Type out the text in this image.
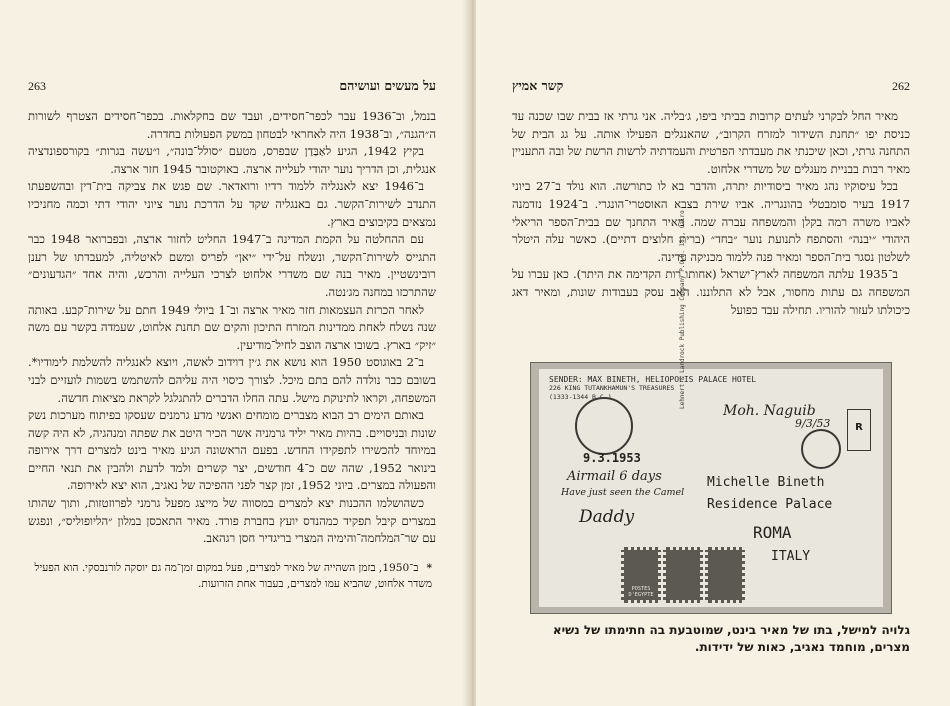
263	על מעשים ועושיהם

בנמל, וב־1936 עבר לכפר־חסידים, ועבד שם בחקלאות. בכפר־חסידים הצטרף לשורות ה״הגנה״, וב־1938 היה לאחראי לבטחון במשק הפעולות בחדרה.

בקיץ 1942, הגיע לאַבַּדַן שבפרס, מטעם ״סולל־בונה״, ו״עשה בגרות״ בקורספונדציה אנגלית, וכן הדריך נוער יהודי לעלייה ארצה. באוקטובר 1945 חזר ארצה.

ב־1946 יצא לאנגליה ללמוד רדיו ורואדאר. שם פגש את צביקה בית־דין ובהשפעתו התנדב לשירות־הקשר. גם באנגליה שקד על הדרכת נוער ציוני יהודי דתי וכמה מחניכיו נמצאים בקיבוצים בארץ.

עם ההחלטה על הקמת המדינה ב־1947 החליט לחזור ארצה, ובפברואר 1948 כבר התגייס לשירות־הקשר, ונשלח על־ידי ״יאן״ לפריס ומשם לאיטליה, למעבדתו של רענן רובינשטיין. מאיר בנה שם משדרי אלחוט לצרכי העלייה והרכש, והיה אחד ״הגדעונים״ שהתרכזו במחנה מג׳נטה.

לאחר הכרזת העצמאות חזר מאיר ארצה וב־1 ביולי 1949 חתם על שירות־קבע. באותה שנה נשלח לאחת ממדינות המזרח התיכון והקים שם תחנת אלחוט, שעמדה בקשר עם משה ״זיק״ בארץ. בשובו ארצה הוצב לחיל־מודיעין.

ב־2 באוגוסט 1950 הוא נושא את ג׳ין דוידוב לאשה, ויוצא לאנגליה להשלמת לימודיו*. בשובם כבר נולדה להם בתם מיכל. לצורך כיסוי היה עליהם להשתמש בשמות לועזיים לבני המשפחה, וקראו לתינוקת מישל. עתה החלו הדברים להתגלגל לקראת מציאות חדשה.

באותם הימים רב הבוא מצברים מומחים ואנשי מדע גרמנים שעסקו בפיתוח מערכות נשק שונות ובניסויים. בהיות מאיר יליד גרמניה אשר הכיר היטב את שפתה ומנהגיה, לא היה קשה במיוחד להכשירו לתפקידו החדש. בפעם הראשונה הגיע מאיר בינט למצרים דרך אירופה בינואר 1952, שהה שם כ־4 חודשים, יצר קשרים ולמד לדעת ולהבין את תנאי החיים והפעולה במצרים. ביוני 1952, זמן קצר לפני ההפיכה של נאגיב, הוא יצא לאירופה.

כשהושלמו ההכנות יצא למצרים במסווה של מייצג מפעל גרמני לפרוזטזות, ותוך שהותו במצרים קיבל תפקיד כמהנדס יועץ בחברת פורד. מאיר התאכסן במלון ״הליופוליס״, ונפגש עם שר־המלחמה־והימיה המצרי בריגדיר חסן רגהאב.

*ב־1950, בזמן השהייה של מאיר למצרים, פעל במקום זמן־מה גם יוסקה לורנבסקי. הוא הפעיל משדר אלחוט, שהביא עמו למצרים, בעבור אחת הזרועות.
קשר אמיץ	262

מאיר החל לבקרני לעתים קרובות בביתי ביפו, ג׳בליה. אני גרתי אז בבית שבו שכנה עד כניסת יפו ״תחנת השידור למזרח הקרוב״, שהאנגלים הפעילו אותה. על גג הבית של התחנה גרתי, וכאן שיכנתי את מעבדתי הפרטית והעמדתיה לרשות הרשת של ובה התעניין מאיר רבות בבניית מעגלים של משדרי אלחוט.

בכל עיסוקיו נהג מאיר ביסודיות יתרה, והדבר בא לו כתורשה. הוא נולד ב־27 ביוני 1917 בעיר סומבטלי בהונגריה. אביו שירת בצבא האוסטרי־הונגרי. ב־1924 נזדמנה לאביו משרה רמה בקלן והמשפחה עברה שמה. מאיר התחנך שם בבית־הספר הריאלי היהודי ״יבנה״ והסתפח לתנועת נוער ״בחד״ (ברית חלוצים דתיים). כאשר עלה היטלר לשלטון נסגר בית־הספר ומאיר פנה ללמוד מכניקה עדינה.

ב־1935 עלתה המשפחה לארץ־ישראל (אחותו רות הקדימה את היתר). כאן עברו על המשפחה גם עתות מחסור, אבל לא התלוננו. האב עסק בעבודות שונות, ומאיר דאג כיכולתו לעזור להוריו. תחילה עבד כפועל

SENDER: MAX BINETH, HELIOPOLIS PALACE HOTEL
226 KING TUTANKHAMUN'S TREASURES
(1333-1344 B.C.)
9.3.1953
Airmail 6 days
Have just seen the Camel
Daddy
Moh. Naguib
9/3/53
Lehnert & Landrock Publishing Company P.O.B. 181, Cairo
R
Michelle Bineth
Residence Palace
ROMA
ITALY
POSTES D'EGYPTE
גלויה למישל, בתו של מאיר בינט, שמוטבעת בה חתימתו של נשיא מצרים, מוחמד נאגיב, כאות של ידידות.
